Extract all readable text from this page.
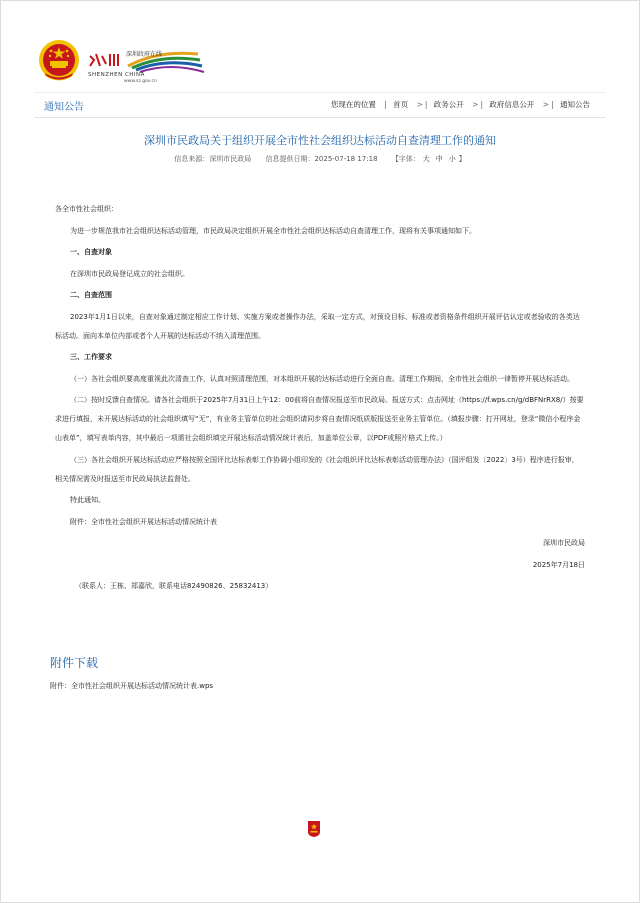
深圳政府在线
SHENZHEN CHINA
www.sz.gov.cn
通知公告	您现在的位置 | 首页 > | 政务公开 > | 政府信息公开 > | 通知公告
深圳市民政局关于组织开展全市性社会组织达标活动自查清理工作的通知
信息来源：深圳市民政局 信息提供日期：2025-07-18 17:18 【字体： 大 中 小 】

各全市性社会组织：

为进一步规范我市社会组织达标活动管理，市民政局决定组织开展全市性社会组织达标活动自查清理工作，现将有关事项通知如下。

一、自查对象

在深圳市民政局登记成立的社会组织。

二、自查范围

2023年1月1日以来，自查对象通过制定相应工作计划、实施方案或者操作办法，采取一定方式，对预设目标、标准或者资格条件组织开展评估认定或者验收的各类达标活动。面向本单位内部或者个人开展的达标活动不纳入清理范围。

三、工作要求

（一）各社会组织要高度重视此次清查工作，认真对照清理范围，对本组织开展的达标活动进行全面自查。清理工作期间，全市性社会组织一律暂停开展达标活动。

（二）按时反馈自查情况。请各社会组织于2025年7月31日上午12：00前将自查情况报送至市民政局。报送方式：点击网址（https://f.wps.cn/g/dBFNrRX8/）按要求进行填报，未开展达标活动的社会组织填写“无”，有业务主管单位的社会组织请同步将自查情况纸质版报送至业务主管单位。（填报步骤：打开网址，登录“微信小程序金山表单”，填写表单内容，其中最后一项需社会组织填完开展达标活动情况统计表后，加盖单位公章，以PDF或照片格式上传。）

（三）各社会组织开展达标活动应严格按照全国评比达标表彰工作协调小组印发的《社会组织评比达标表彰活动管理办法》（国评组发〔2022〕3号）程序进行报审，相关情况需及时报送至市民政局执法监督处。

特此通知。

附件：全市性社会组织开展达标活动情况统计表

深圳市民政局

2025年7月18日

（联系人：王栋、郑嘉欣，联系电话82490826、25832413）

附件下载
附件：全市性社会组织开展达标活动情况统计表.wps
